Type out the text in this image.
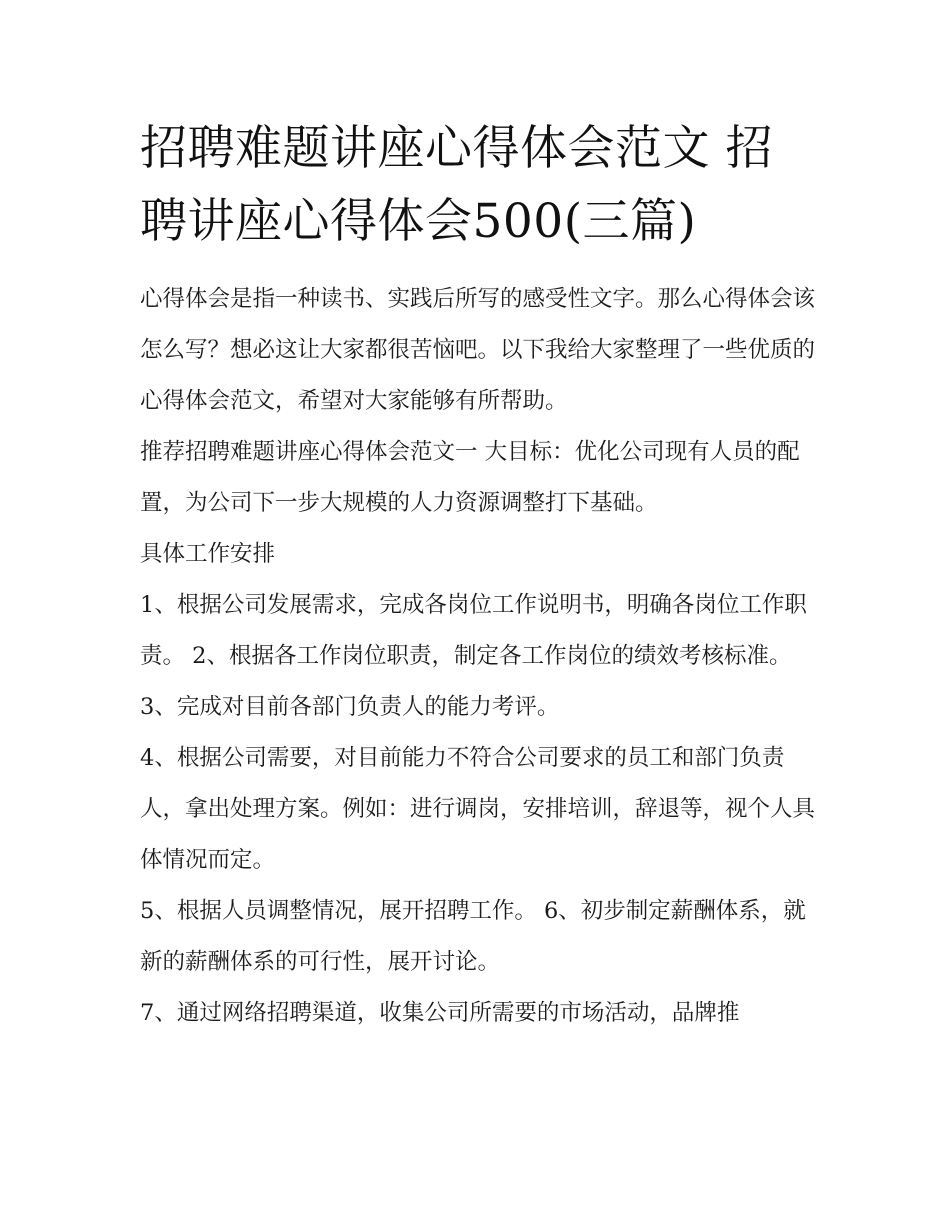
招聘难题讲座心得体会范文 招聘讲座心得体会500(三篇)

心得体会是指一种读书、实践后所写的感受性文字。那么心得体会该怎么写？想必这让大家都很苦恼吧。以下我给大家整理了一些优质的心得体会范文，希望对大家能够有所帮助。

推荐招聘难题讲座心得体会范文一 大目标：优化公司现有人员的配置，为公司下一步大规模的人力资源调整打下基础。

具体工作安排

1、根据公司发展需求，完成各岗位工作说明书，明确各岗位工作职责。 2、根据各工作岗位职责，制定各工作岗位的绩效考核标准。

3、完成对目前各部门负责人的能力考评。

4、根据公司需要，对目前能力不符合公司要求的员工和部门负责人，拿出处理方案。例如：进行调岗，安排培训，辞退等，视个人具体情况而定。

5、根据人员调整情况，展开招聘工作。 6、初步制定薪酬体系，就新的薪酬体系的可行性，展开讨论。

7、通过网络招聘渠道，收集公司所需要的市场活动，品牌推
